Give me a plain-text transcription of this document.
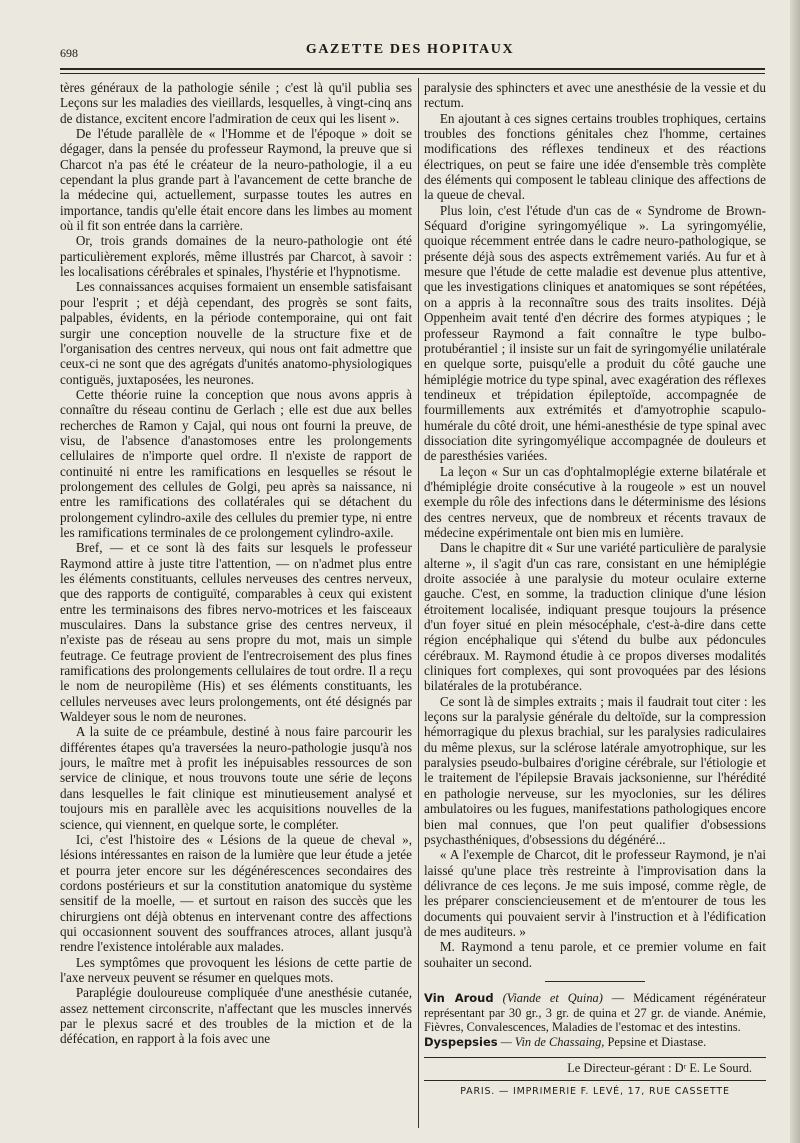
698	GAZETTE DES HOPITAUX

tères généraux de la pathologie sénile ; c'est là qu'il publia ses Leçons sur les maladies des vieillards, lesquelles, à vingt-cinq ans de distance, excitent encore l'admiration de ceux qui les lisent ».

De l'étude parallèle de « l'Homme et de l'époque » doit se dégager, dans la pensée du professeur Raymond, la preuve que si Charcot n'a pas été le créateur de la neuro-pathologie, il a eu cependant la plus grande part à l'avancement de cette branche de la médecine qui, actuellement, surpasse toutes les autres en importance, tandis qu'elle était encore dans les limbes au moment où il fit son entrée dans la carrière.

Or, trois grands domaines de la neuro-pathologie ont été particulièrement explorés, même illustrés par Charcot, à savoir : les localisations cérébrales et spinales, l'hystérie et l'hypnotisme.

Les connaissances acquises formaient un ensemble satisfaisant pour l'esprit ; et déjà cependant, des progrès se sont faits, palpables, évidents, en la période contemporaine, qui ont fait surgir une conception nouvelle de la structure fixe et de l'organisation des centres nerveux, qui nous ont fait admettre que ceux-ci ne sont que des agrégats d'unités anatomo-physiologiques contiguës, juxtaposées, les neurones.

Cette théorie ruine la conception que nous avons appris à connaître du réseau continu de Gerlach ; elle est due aux belles recherches de Ramon y Cajal, qui nous ont fourni la preuve, de visu, de l'absence d'anastomoses entre les prolongements cellulaires de n'importe quel ordre. Il n'existe de rapport de continuité ni entre les ramifications en lesquelles se résout le prolongement des cellules de Golgi, peu après sa naissance, ni entre les ramifications des collatérales qui se détachent du prolongement cylindro-axile des cellules du premier type, ni entre les ramifications terminales de ce prolongement cylindro-axile.

Bref, — et ce sont là des faits sur lesquels le professeur Raymond attire à juste titre l'attention, — on n'admet plus entre les éléments constituants, cellules nerveuses des centres nerveux, que des rapports de contiguïté, comparables à ceux qui existent entre les terminaisons des fibres nervo-motrices et les faisceaux musculaires. Dans la substance grise des centres nerveux, il n'existe pas de réseau au sens propre du mot, mais un simple feutrage. Ce feutrage provient de l'entrecroisement des plus fines ramifications des prolongements cellulaires de tout ordre. Il a reçu le nom de neuropilème (His) et ses éléments constituants, les cellules nerveuses avec leurs prolongements, ont été désignés par Waldeyer sous le nom de neurones.

A la suite de ce préambule, destiné à nous faire parcourir les différentes étapes qu'a traversées la neuro-pathologie jusqu'à nos jours, le maître met à profit les inépuisables ressources de son service de clinique, et nous trouvons toute une série de leçons dans lesquelles le fait clinique est minutieusement analysé et toujours mis en parallèle avec les acquisitions nouvelles de la science, qui viennent, en quelque sorte, le compléter.

Ici, c'est l'histoire des « Lésions de la queue de cheval », lésions intéressantes en raison de la lumière que leur étude a jetée et pourra jeter encore sur les dégénérescences secondaires des cordons postérieurs et sur la constitution anatomique du système sensitif de la moelle, — et surtout en raison des succès que les chirurgiens ont déjà obtenus en intervenant contre des affections qui occasionnent souvent des souffrances atroces, allant jusqu'à rendre l'existence intolérable aux malades.

Les symptômes que provoquent les lésions de cette partie de l'axe nerveux peuvent se résumer en quelques mots.

Paraplégie douloureuse compliquée d'une anesthésie cutanée, assez nettement circonscrite, n'affectant que les muscles innervés par le plexus sacré et des troubles de la miction et de la défécation, en rapport à la fois avec une

paralysie des sphincters et avec une anesthésie de la vessie et du rectum.

En ajoutant à ces signes certains troubles trophiques, certains troubles des fonctions génitales chez l'homme, certaines modifications des réflexes tendineux et des réactions électriques, on peut se faire une idée d'ensemble très complète des éléments qui composent le tableau clinique des affections de la queue de cheval.

Plus loin, c'est l'étude d'un cas de « Syndrome de Brown-Séquard d'origine syringomyélique ». La syringomyélie, quoique récemment entrée dans le cadre neuro-pathologique, se présente déjà sous des aspects extrêmement variés. Au fur et à mesure que l'étude de cette maladie est devenue plus attentive, que les investigations cliniques et anatomiques se sont répétées, on a appris à la reconnaître sous des traits insolites. Déjà Oppenheim avait tenté d'en décrire des formes atypiques ; le professeur Raymond a fait connaître le type bulbo-protubérantiel ; il insiste sur un fait de syringomyélie unilatérale en quelque sorte, puisqu'elle a produit du côté gauche une hémiplégie motrice du type spinal, avec exagération des réflexes tendineux et trépidation épileptoïde, accompagnée de fourmillements aux extrémités et d'amyotrophie scapulo-humérale du côté droit, une hémi-anesthésie de type spinal avec dissociation dite syringomyélique accompagnée de douleurs et de paresthésies variées.

La leçon « Sur un cas d'ophtalmoplégie externe bilatérale et d'hémiplégie droite consécutive à la rougeole » est un nouvel exemple du rôle des infections dans le déterminisme des lésions des centres nerveux, que de nombreux et récents travaux de médecine expérimentale ont bien mis en lumière.

Dans le chapitre dit « Sur une variété particulière de paralysie alterne », il s'agit d'un cas rare, consistant en une hémiplégie droite associée à une paralysie du moteur oculaire externe gauche. C'est, en somme, la traduction clinique d'une lésion étroitement localisée, indiquant presque toujours la présence d'un foyer situé en plein mésocéphale, c'est-à-dire dans cette région encéphalique qui s'étend du bulbe aux pédoncules cérébraux. M. Raymond étudie à ce propos diverses modalités cliniques fort complexes, qui sont provoquées par des lésions bilatérales de la protubérance.

Ce sont là de simples extraits ; mais il faudrait tout citer : les leçons sur la paralysie générale du deltoïde, sur la compression hémorragique du plexus brachial, sur les paralysies radiculaires du même plexus, sur la sclérose latérale amyotrophique, sur les paralysies pseudo-bulbaires d'origine cérébrale, sur l'étiologie et le traitement de l'épilepsie Bravais jacksonienne, sur l'hérédité en pathologie nerveuse, sur les myoclonies, sur les délires ambulatoires ou les fugues, manifestations pathologiques encore bien mal connues, que l'on peut qualifier d'obsessions psychasthéniques, d'obsessions du dégénéré...

« A l'exemple de Charcot, dit le professeur Raymond, je n'ai laissé qu'une place très restreinte à l'improvisation dans la délivrance de ces leçons. Je me suis imposé, comme règle, de les préparer consciencieusement et de m'entourer de tous les documents qui pouvaient servir à l'instruction et à l'édification de mes auditeurs. »

M. Raymond a tenu parole, et ce premier volume en fait souhaiter un second.

Vin Aroud (Viande et Quina) — Médicament régénérateur représentant par 30 gr., 3 gr. de quina et 27 gr. de viande. Anémie, Fièvres, Convalescences, Maladies de l'estomac et des intestins.

Dyspepsies — Vin de Chassaing, Pepsine et Diastase.

Le Directeur-gérant : Dʳ E. Le Sourd.
PARIS. — IMPRIMERIE F. LEVÉ, 17, RUE CASSETTE
